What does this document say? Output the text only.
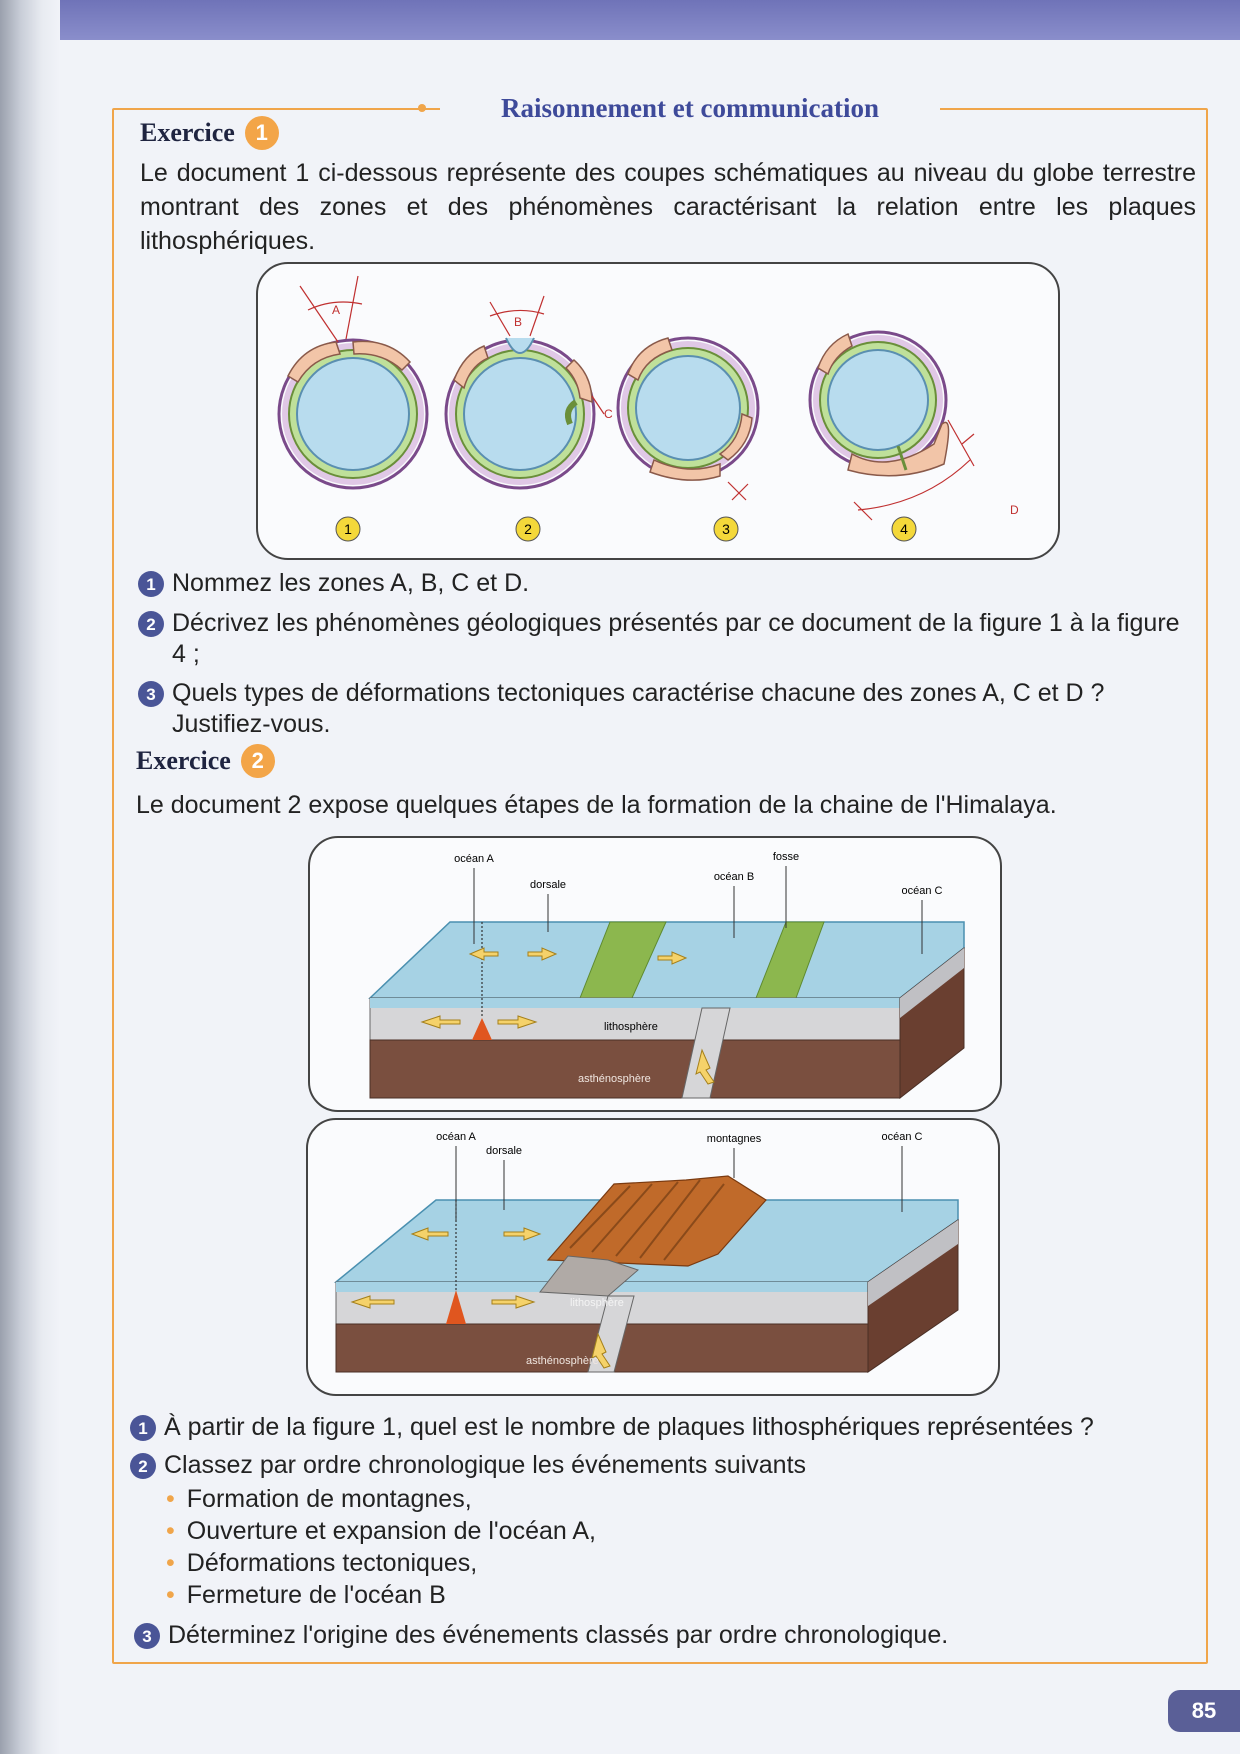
Raisonnement et communication
Exercice 1
Le document 1 ci-dessous représente des coupes schématiques au niveau du globe terrestre montrant des zones et des phénomènes caractérisant la relation entre les plaques lithosphériques.
A
B
C
D
1	2	3	4
1 Nommez les zones A, B, C et D.
2 Décrivez les phénomènes géologiques présentés par ce document de la figure 1 à la figure 4 ;
3 Quels types de déformations tectoniques caractérise chacune des zones A, C et D ? Justifiez-vous.
Exercice 2
Le document 2 expose quelques étapes de la formation de la chaine de l'Himalaya.
océan A
dorsale
océan B
fosse
océan C
lithosphère
asthénosphère
océan A
dorsale
montagnes	océan C
lithosphère
asthénosphère
1 À partir de la figure 1, quel est le nombre de plaques lithosphériques représentées ?
2 Classez par ordre chronologique les événements suivants
• Formation de montagnes,
• Ouverture et expansion de l'océan A,
• Déformations tectoniques,
• Fermeture de l'océan B
3 Déterminez l'origine des événements classés par ordre chronologique.
85
